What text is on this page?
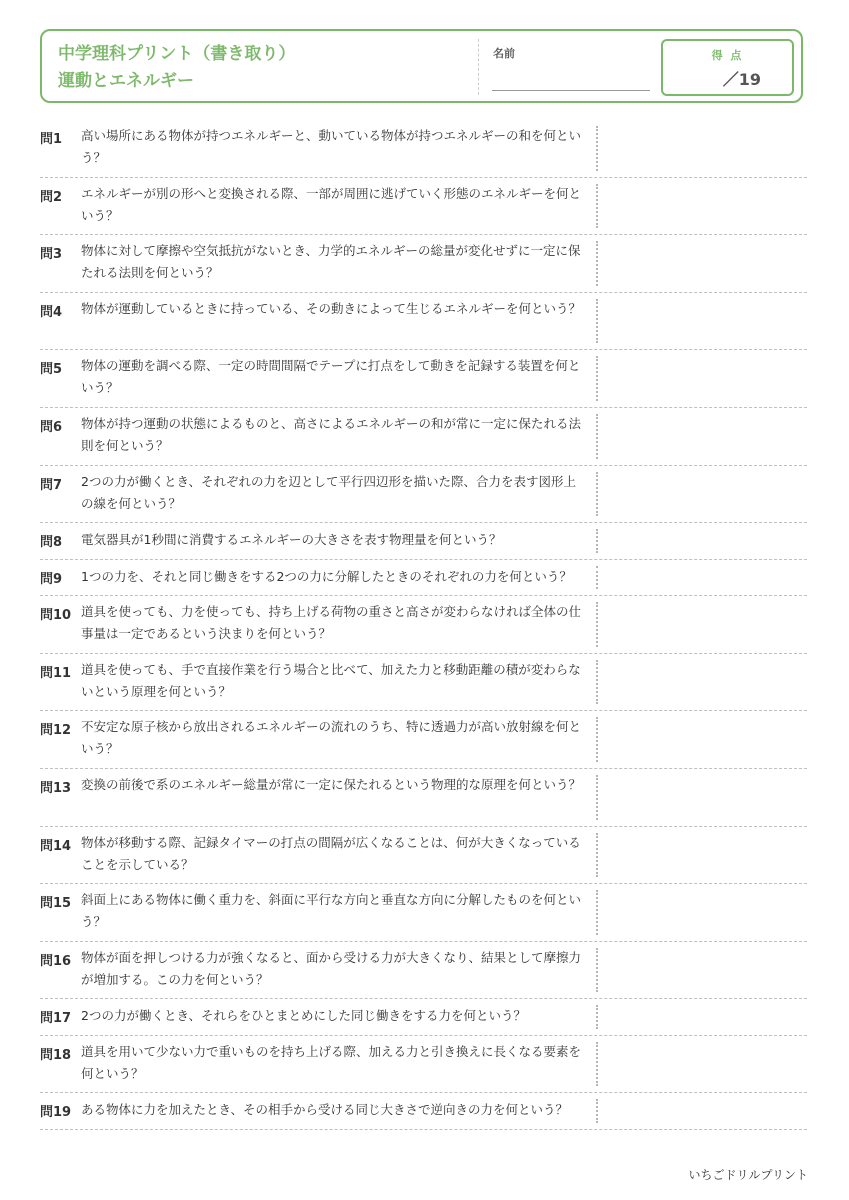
中学理科プリント（書き取り）
運動とエネルギー
名前	得 点
／19
問1 高い場所にある物体が持つエネルギーと、動いている物体が持つエネルギーの和を何という？
問2 エネルギーが別の形へと変換される際、一部が周囲に逃げていく形態のエネルギーを何という？
問3 物体に対して摩擦や空気抵抗がないとき、力学的エネルギーの総量が変化せずに一定に保たれる法則を何という？
問4 物体が運動しているときに持っている、その動きによって生じるエネルギーを何という？
問5 物体の運動を調べる際、一定の時間間隔でテープに打点をして動きを記録する装置を何という？
問6 物体が持つ運動の状態によるものと、高さによるエネルギーの和が常に一定に保たれる法則を何という？
問7 2つの力が働くとき、それぞれの力を辺として平行四辺形を描いた際、合力を表す図形上の線を何という？
問8 電気器具が1秒間に消費するエネルギーの大きさを表す物理量を何という？
問9 1つの力を、それと同じ働きをする2つの力に分解したときのそれぞれの力を何という？
問10 道具を使っても、力を使っても、持ち上げる荷物の重さと高さが変わらなければ全体の仕事量は一定であるという決まりを何という？
問11 道具を使っても、手で直接作業を行う場合と比べて、加えた力と移動距離の積が変わらないという原理を何という？
問12 不安定な原子核から放出されるエネルギーの流れのうち、特に透過力が高い放射線を何という？
問13 変換の前後で系のエネルギー総量が常に一定に保たれるという物理的な原理を何という？
問14 物体が移動する際、記録タイマーの打点の間隔が広くなることは、何が大きくなっていることを示している？
問15 斜面上にある物体に働く重力を、斜面に平行な方向と垂直な方向に分解したものを何という？
問16 物体が面を押しつける力が強くなると、面から受ける力が大きくなり、結果として摩擦力が増加する。この力を何という？
問17 2つの力が働くとき、それらをひとまとめにした同じ働きをする力を何という？
問18 道具を用いて少ない力で重いものを持ち上げる際、加える力と引き換えに長くなる要素を何という？
問19 ある物体に力を加えたとき、その相手から受ける同じ大きさで逆向きの力を何という？
いちごドリルプリント
